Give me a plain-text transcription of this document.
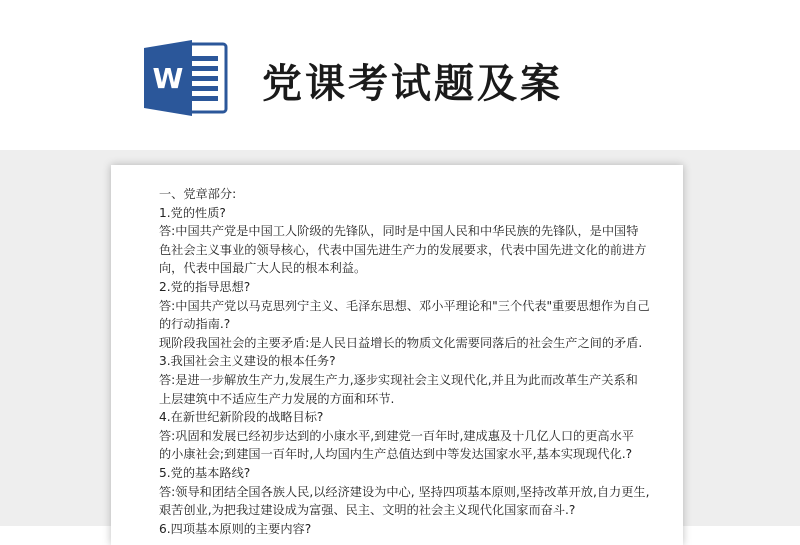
W 党课考试题及案

一、党章部分:

1.党的性质?

答:中国共产党是中国工人阶级的先锋队，同时是中国人民和中华民族的先锋队，是中国特

色社会主义事业的领导核心，代表中国先进生产力的发展要求，代表中国先进文化的前进方

向，代表中国最广大人民的根本利益。

2.党的指导思想?

答:中国共产党以马克思列宁主义、毛泽东思想、邓小平理论和"三个代表"重要思想作为自己

的行动指南.?

现阶段我国社会的主要矛盾:是人民日益增长的物质文化需要同落后的社会生产之间的矛盾.

3.我国社会主义建设的根本任务?

答:是进一步解放生产力,发展生产力,逐步实现社会主义现代化,并且为此而改革生产关系和

上层建筑中不适应生产力发展的方面和环节.

4.在新世纪新阶段的战略目标?

答:巩固和发展已经初步达到的小康水平,到建党一百年时,建成惠及十几亿人口的更高水平

的小康社会;到建国一百年时,人均国内生产总值达到中等发达国家水平,基本实现现代化.?

5.党的基本路线?

答:领导和团结全国各族人民,以经济建设为中心, 坚持四项基本原则,坚持改革开放,自力更生,

艰苦创业,为把我过建设成为富强、民主、文明的社会主义现代化国家而奋斗.?

6.四项基本原则的主要内容?
